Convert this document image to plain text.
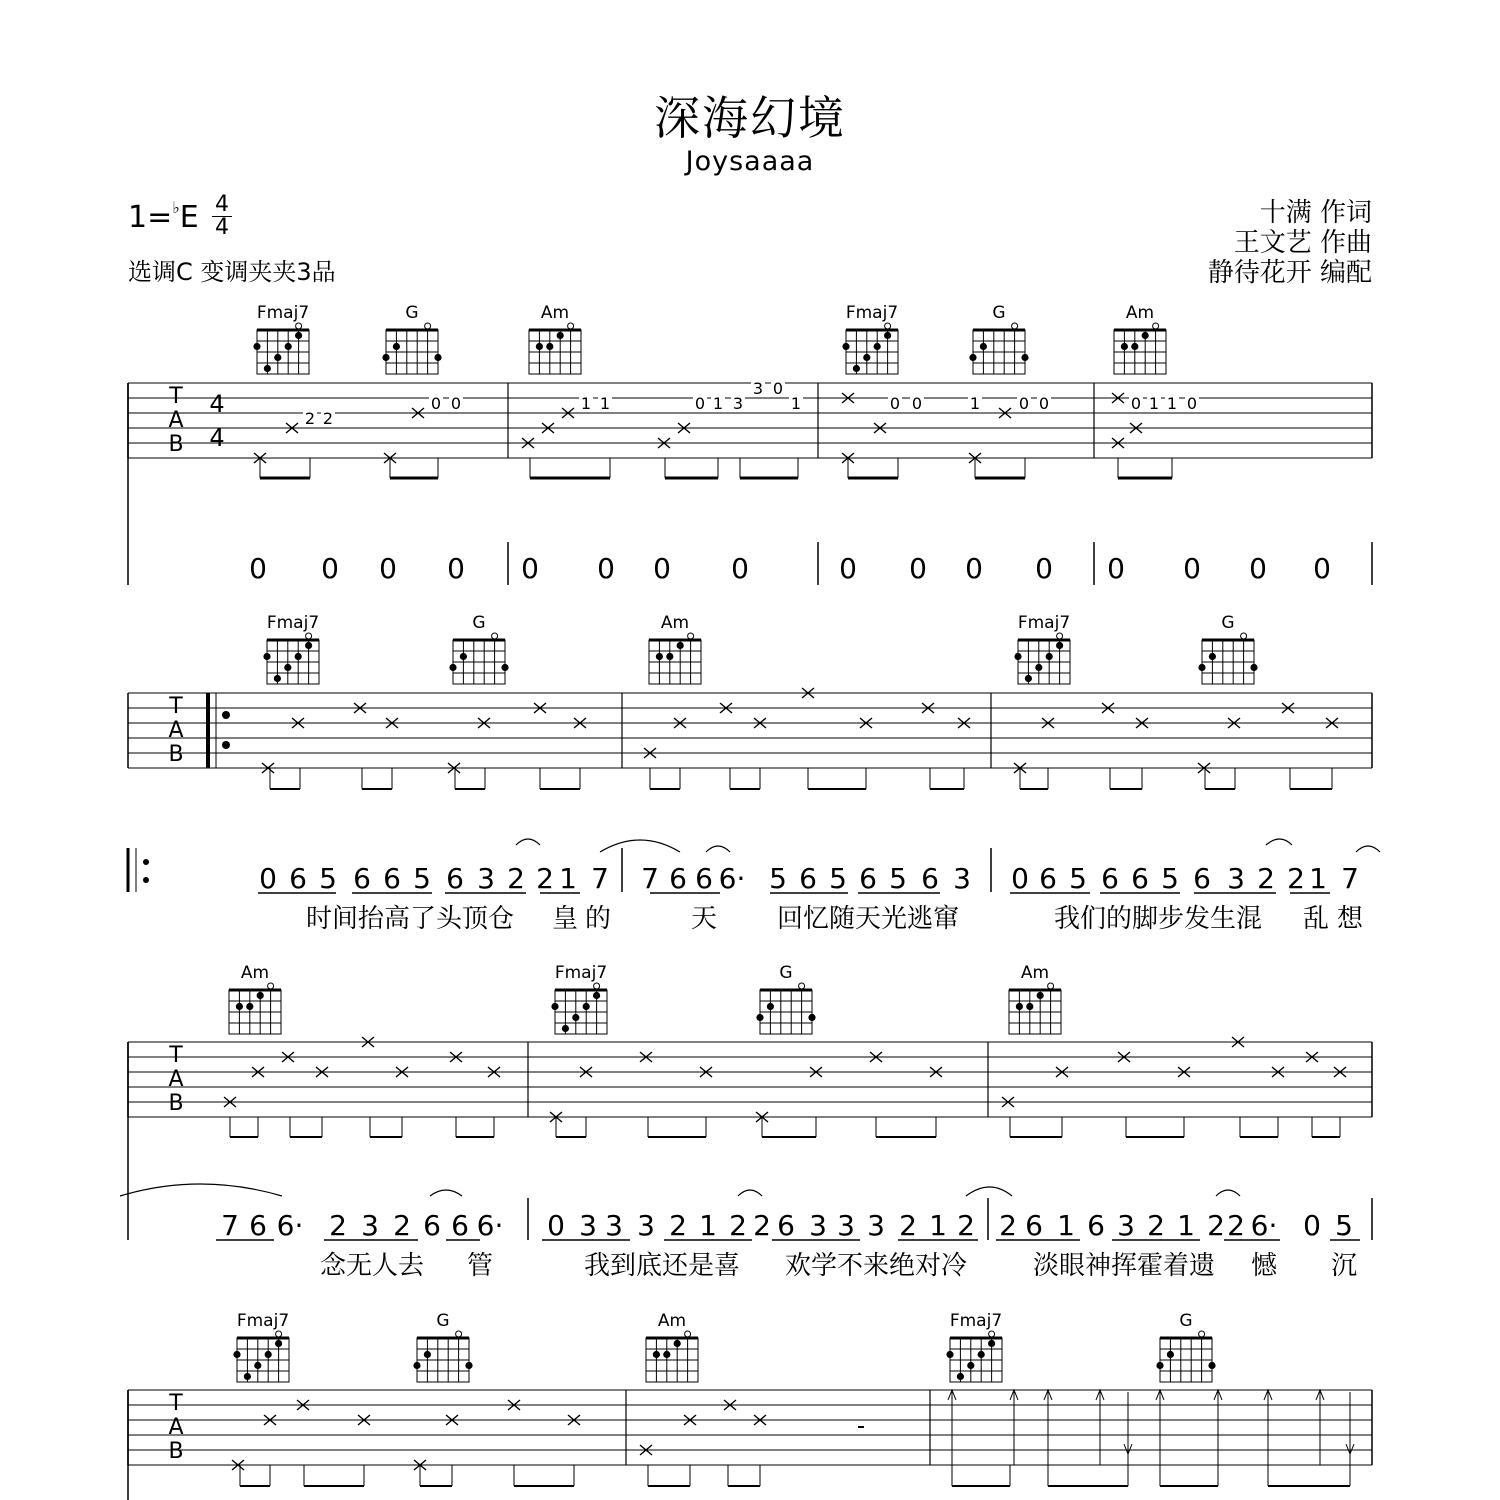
深海幻境
Joysaaaa
1=♭E 4
4
选调C 变调夹夹3品
十满 作词
王文艺 作曲
静待花开 编配
Fmaj7	G	Am	Fmaj7	G	Am
T
A
B
4
4
2 2
0 0	1 1	0 1 3
3 0
1	0 0	1 0 0	0 1 1 0
0 0 0 0 0 0 0 0	0 0 0 0 0 0 0 0
Fmaj7	G	Am	Fmaj7	G
T
A
B
0 6 5 6 6 5 6 3 2 2 1 7 7 6 6 6· 5 6 5 6 5 6 3 0 6 5 6 6 5 6 3 2 2 1 7
时间抬高了头顶仓 皇 的	天 回忆随天光逃窜	我们的脚步发生混 乱 想
Am	Fmaj7	G	Am
T
A
B
7 6 6· 2 3 2 6 6 6· 0 3 3 3 2 1 2 2 6 3 3 3 2 1 2 2 6 1 6 3 2 1 2 2 6· 0 5
念无人去 管	我到底还是喜 欢学不来绝对冷	淡眼神挥霍着遗 憾 沉
Fmaj7	G	Am	Fmaj7	G
T
A
B
